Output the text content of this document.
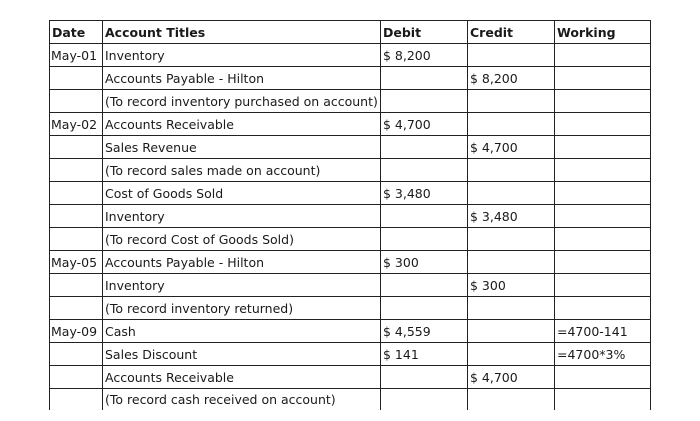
Date	Account Titles	Debit	Credit	Working
May-01	Inventory	$ 8,200		
	Accounts Payable - Hilton		$ 8,200	
	(To record inventory purchased on account)			
May-02	Accounts Receivable	$ 4,700		
	Sales Revenue		$ 4,700	
	(To record sales made on account)			
	Cost of Goods Sold	$ 3,480		
	Inventory		$ 3,480	
	(To record Cost of Goods Sold)			
May-05	Accounts Payable - Hilton	$ 300		
	Inventory		$ 300	
	(To record inventory returned)			
May-09	Cash	$ 4,559		=4700-141
	Sales Discount	$ 141		=4700*3%
	Accounts Receivable		$ 4,700	
	(To record cash received on account)			
